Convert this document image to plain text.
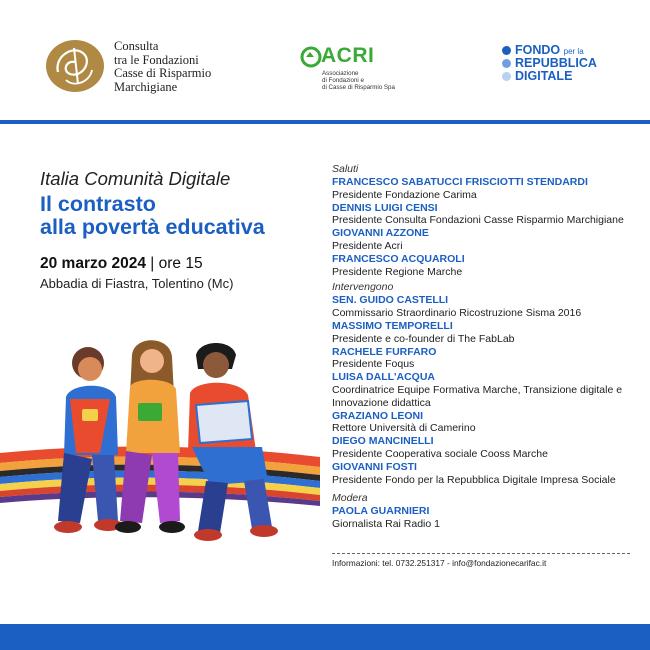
Consulta
tra le Fondazioni
Casse di Risparmio
Marchigiane
ACRI
Associazione
di Fondazioni e
di Casse di Risparmio Spa
FONDO per la
REPUBBLICA
DIGITALE
Italia Comunità Digitale
Il contrasto
alla povertà educativa
20 marzo 2024 | ore 15
Abbadia di Fiastra, Tolentino (Mc)
Saluti
FRANCESCO SABATUCCI FRISCIOTTI STENDARDI
Presidente Fondazione Carima
DENNIS LUIGI CENSI
Presidente Consulta Fondazioni Casse Risparmio Marchigiane
GIOVANNI AZZONE
Presidente Acri
FRANCESCO ACQUAROLI
Presidente Regione Marche
Intervengono
SEN. GUIDO CASTELLI
Commissario Straordinario Ricostruzione Sisma 2016
MASSIMO TEMPORELLI
Presidente e co-founder di The FabLab
RACHELE FURFARO
Presidente Foqus
LUISA DALL'ACQUA
Coordinatrice Equipe Formativa Marche, Transizione digitale e Innovazione didattica
GRAZIANO LEONI
Rettore Università di Camerino
DIEGO MANCINELLI
Presidente Cooperativa sociale Cooss Marche
GIOVANNI FOSTI
Presidente Fondo per la Repubblica Digitale Impresa Sociale
Modera
PAOLA GUARNIERI
Giornalista Rai Radio 1
Informazioni: tel. 0732.251317 - info@fondazionecarifac.it
